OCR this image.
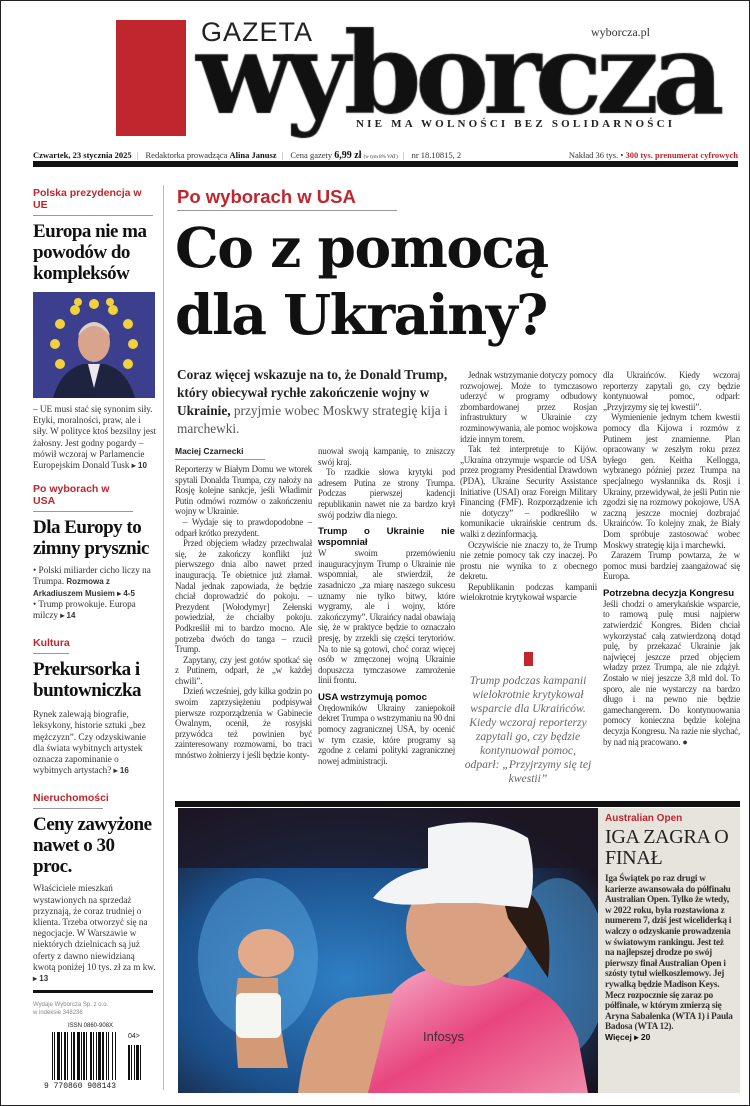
GAZETA	wyborcza.pl
NIE MA WOLNOŚCI BEZ SOLIDARNOŚCI
Czwartek, 23 stycznia 2025 | Redaktorka prowadząca Alina Janusz | Cena gazety 6,99 zł (w tym 8% VAT) | nr 18.10815, 2	Nakład 36 tys. • 300 tys. prenumerat cyfrowych
Polska prezydencja w UE
Europa nie ma powodów do kompleksów
– UE musi stać się synonim siły. Etyki, moralności, praw, ale i siły. W polityce ktoś bezsilny jest żałosny. Jest godny pogardy – mówił wczoraj w Parlamencie Europejskim Donald Tusk ▸ 10
Po wyborach w USA
Dla Europy to zimny prysznic
• Polski miliarder cicho liczy na Trumpa. Rozmowa z Arkadiuszem Musiem ▸ 4-5
• Trump prowokuje. Europa milczy ▸ 14
Kultura
Prekursorka i buntowniczka
Rynek zalewają biografie, leksykony, historie sztuki „bez mężczyzn”. Czy odzyskiwanie dla świata wybitnych artystek oznacza zapominanie o wybitnych artystach? ▸ 16
Nieruchomości
Ceny zawyżone nawet o 30 proc.
Właściciele mieszkań wystawionych na sprzedaż przyznają, że coraz trudniej o klienta. Trzeba otworzyć się na negocjacje. W Warszawie w niektórych dzielnicach są już oferty z dawno niewidzianą kwotą poniżej 10 tys. zł za m kw. ▸ 13
Wydaje Wyborcza Sp. z o.o.
w indeksie 348236
ISSN 0860-908X
04>
9 770860 908143
Po wyborach w USA
Co z pomocą
dla Ukrainy?
Coraz więcej wskazuje na to, że Donald Trump, który obiecywał rychłe zakończenie wojny w Ukrainie, przyjmie wobec Moskwy strategię kija i marchewki.
Maciej Czarnecki

Reporterzy w Białym Domu we wtorek spytali Donalda Trumpa, czy nałoży na Rosję kolejne sankcje, jeśli Władimir Putin odmówi rozmów o zakończeniu wojny w Ukrainie.

– Wydaje się to prawdopodobne – odparł krótko prezydent.

Przed objęciem władzy przechwalał się, że zakończy konflikt już pierwszego dnia albo nawet przed inauguracją. Te obietnice już złamał. Nadal jednak zapowiada, że będzie chciał doprowadzić do pokoju. – Prezydent [Wołodymyr] Zełenski powiedział, że chciałby pokoju. Podkreślił mi to bardzo mocno. Ale potrzeba dwóch do tanga – rzucił Trump.

Zapytany, czy jest gotów spotkać się z Putinem, odparł, że „w każdej chwili”.

Dzień wcześniej, gdy kilka godzin po swoim zaprzysiężeniu podpisywał pierwsze rozporządzenia w Gabinecie Owalnym, ocenił, że rosyjski przywódca też powinien być zainteresowany rozmowami, bo traci mnóstwo żołnierzy i jeśli będzie konty-

nuował swoją kampanię, to zniszczy swój kraj.

To rzadkie słowa krytyki pod adresem Putina ze strony Trumpa. Podczas pierwszej kadencji republikanin nawet nie za bardzo krył swój podziw dla niego.

Trump o Ukrainie nie wspomniał

W swoim przemówieniu inauguracyjnym Trump o Ukrainie nie wspomniał, ale stwierdził, że zasadniczo „za miarę naszego sukcesu uznamy nie tylko bitwy, które wygramy, ale i wojny, które zakończymy”. Ukraińcy nadal obawiają się, że w praktyce będzie to oznaczało presję, by zrzekli się części terytoriów. Na to nie są gotowi, choć coraz więcej osób w zmęczonej wojną Ukrainie dopuszcza tymczasowe zamrożenie linii frontu.

USA wstrzymują pomoc

Orędowników Ukrainy zaniepokoił dekret Trumpa o wstrzymaniu na 90 dni pomocy zagranicznej USA, by ocenić w tym czasie, które programy są zgodne z celami polityki zagranicznej nowej administracji.

Jednak wstrzymanie dotyczy pomocy rozwojowej. Może to tymczasowo uderzyć w programy odbudowy zbombardowanej przez Rosjan infrastruktury w Ukrainie czy rozminowywania, ale pomoc wojskowa idzie innym torem.

Tak też interpretuje to Kijów. „Ukraina otrzymuje wsparcie od USA przez programy Presidential Drawdown (PDA), Ukraine Security Assistance Initiative (USAI) oraz Foreign Military Financing (FMF). Rozporządzenie ich nie dotyczy” – podkreśliło w komunikacie ukraińskie centrum ds. walki z dezinformacją.

Oczywiście nie znaczy to, że Trump nie zetnie pomocy tak czy inaczej. Po prostu nie wynika to z obecnego dekretu.

Republikanin podczas kampanii wielokrotnie krytykował wsparcie

dla Ukraińców. Kiedy wczoraj reporterzy zapytali go, czy będzie kontynuował pomoc, odparł: „Przyjrzymy się tej kwestii”.

Wymienienie jednym tchem kwestii pomocy dla Kijowa i rozmów z Putinem jest znamienne. Plan opracowany w zeszłym roku przez byłego gen. Keitha Kellogga, wybranego później przez Trumpa na specjalnego wysłannika ds. Rosji i Ukrainy, przewidywał, że jeśli Putin nie zgodzi się na rozmowy pokojowe, USA zaczną jeszcze mocniej dozbrajać Ukraińców. To kolejny znak, że Biały Dom spróbuje zastosować wobec Moskwy strategię kija i marchewki.

Zarazem Trump powtarza, że w pomoc musi bardziej zaangażować się Europa.

Potrzebna decyzja Kongresu

Jeśli chodzi o amerykańskie wsparcie, to ramową pulę musi najpierw zatwierdzić Kongres. Biden chciał wykorzystać całą zatwierdzoną dotąd pulę, by przekazać Ukrainie jak najwięcej jeszcze przed objęciem władzy przez Trumpa, ale nie zdążył. Zostało w niej jeszcze 3,8 mld dol. To sporo, ale nie wystarczy na bardzo długo i na pewno nie będzie gamechangerem. Do kontynuowania pomocy konieczna będzie kolejna decyzja Kongresu. Na razie nie słychać, by nad nią pracowano. ●

Trump podczas kampanii wielokrotnie krytykował wsparcie dla Ukraińców. Kiedy wczoraj reporterzy zapytali go, czy będzie kontynuował pomoc, odparł: „Przyjrzymy się tej kwestii”

Infosys
Australian Open
IGA ZAGRA O FINAŁ
Iga Świątek po raz drugi w karierze awansowała do półfinału Australian Open. Tylko że wtedy, w 2022 roku, była rozstawiona z numerem 7, dziś jest wiceliderką i walczy o odzyskanie prowadzenia w światowym rankingu. Jest też na najlepszej drodze po swój pierwszy finał Australian Open i szósty tytuł wielkoszlemowy. Jej rywalką będzie Madison Keys. Mecz rozpocznie się zaraz po półfinale, w którym zmierzą się Aryna Sabalenka (WTA 1) i Paula Badosa (WTA 12).
Więcej ▸ 20
